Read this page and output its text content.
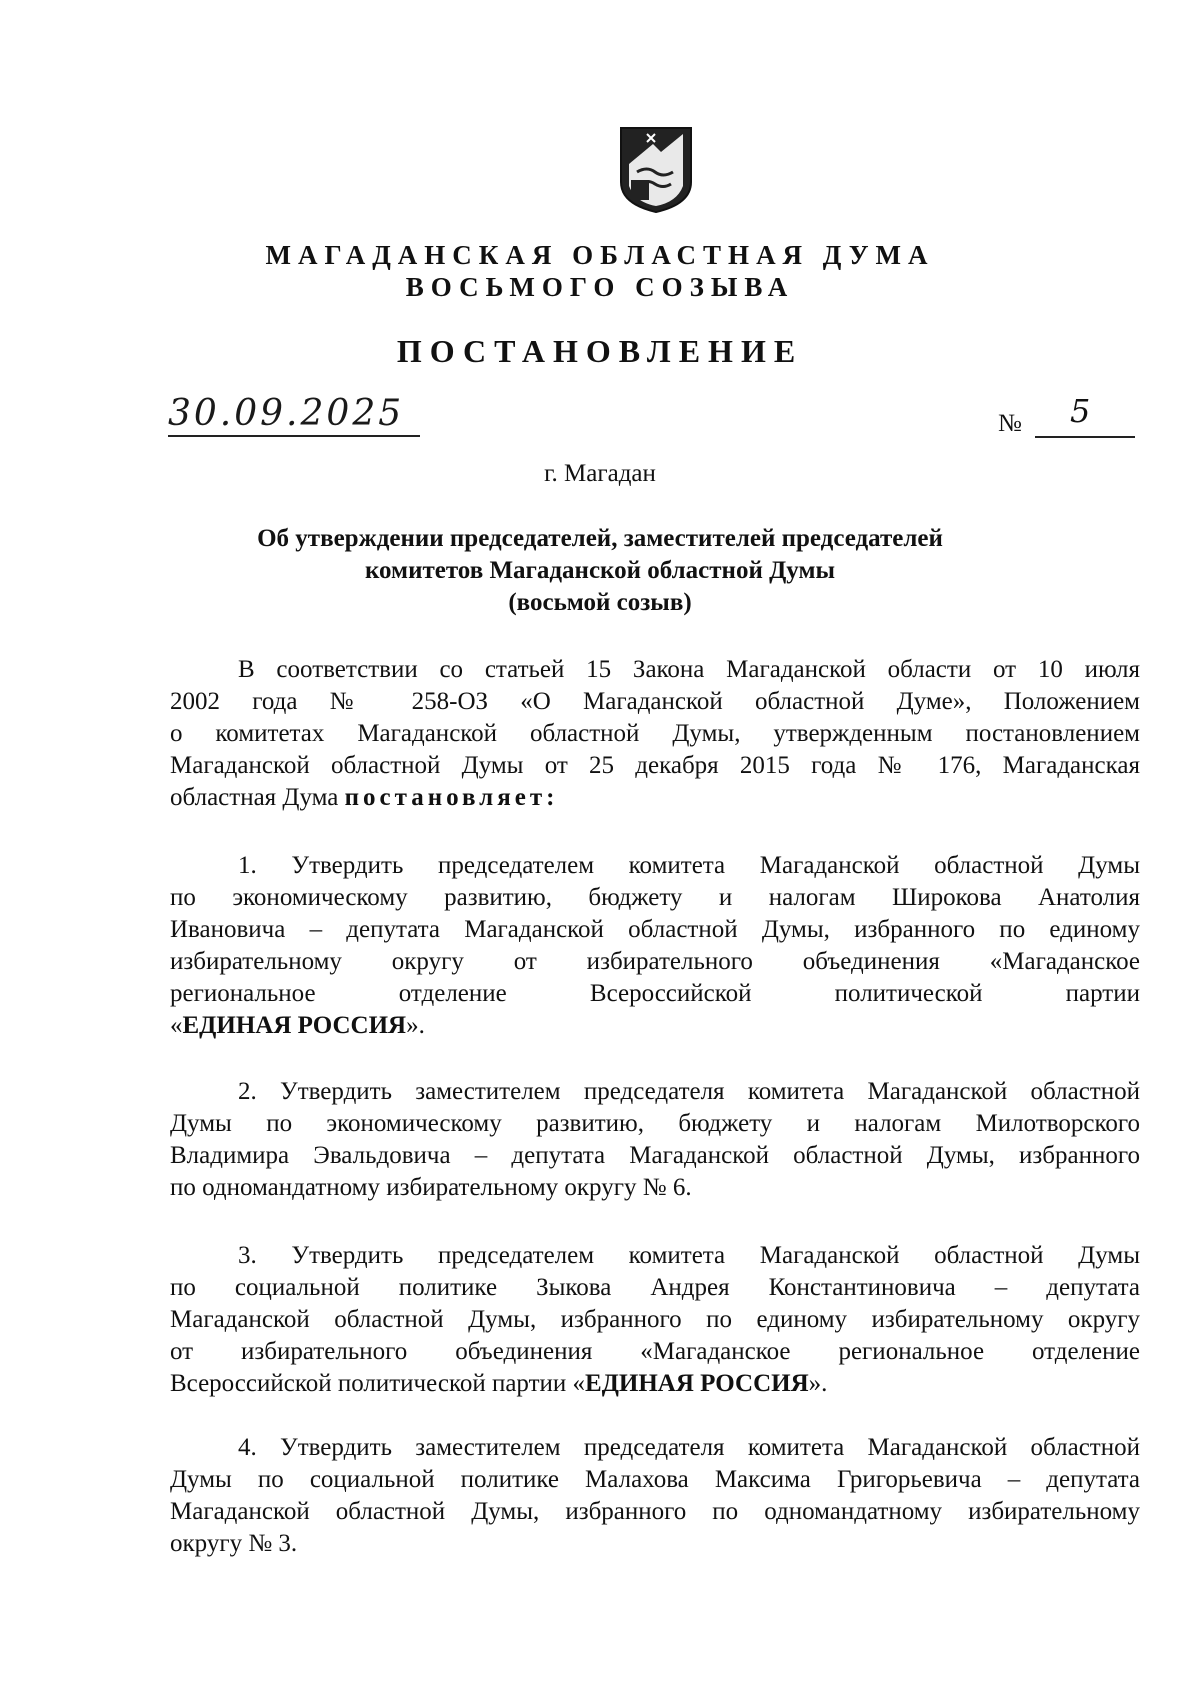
МАГАДАНСКАЯ ОБЛАСТНАЯ ДУМА
ВОСЬМОГО СОЗЫВА
ПОСТАНОВЛЕНИЕ
30.09.2025	№ 5
г. Магадан
Об утверждении председателей, заместителей председателей
комитетов Магаданской областной Думы
(восьмой созыв)
В соответствии со статьей 15 Закона Магаданской области от 10 июля
2002 года № 258-ОЗ «О Магаданской областной Думе», Положением
о комитетах Магаданской областной Думы, утвержденным постановлением
Магаданской областной Думы от 25 декабря 2015 года № 176, Магаданская
областная Дума постановляет:
1. Утвердить председателем комитета Магаданской областной Думы
по экономическому развитию, бюджету и налогам Широкова Анатолия
Ивановича – депутата Магаданской областной Думы, избранного по единому
избирательному округу от избирательного объединения «Магаданское
региональное отделение Всероссийской политической партии
«ЕДИНАЯ РОССИЯ».
2. Утвердить заместителем председателя комитета Магаданской областной
Думы по экономическому развитию, бюджету и налогам Милотворского
Владимира Эвальдовича – депутата Магаданской областной Думы, избранного
по одномандатному избирательному округу № 6.
3. Утвердить председателем комитета Магаданской областной Думы
по социальной политике Зыкова Андрея Константиновича – депутата
Магаданской областной Думы, избранного по единому избирательному округу
от избирательного объединения «Магаданское региональное отделение
Всероссийской политической партии «ЕДИНАЯ РОССИЯ».
4. Утвердить заместителем председателя комитета Магаданской областной
Думы по социальной политике Малахова Максима Григорьевича – депутата
Магаданской областной Думы, избранного по одномандатному избирательному
округу № 3.
